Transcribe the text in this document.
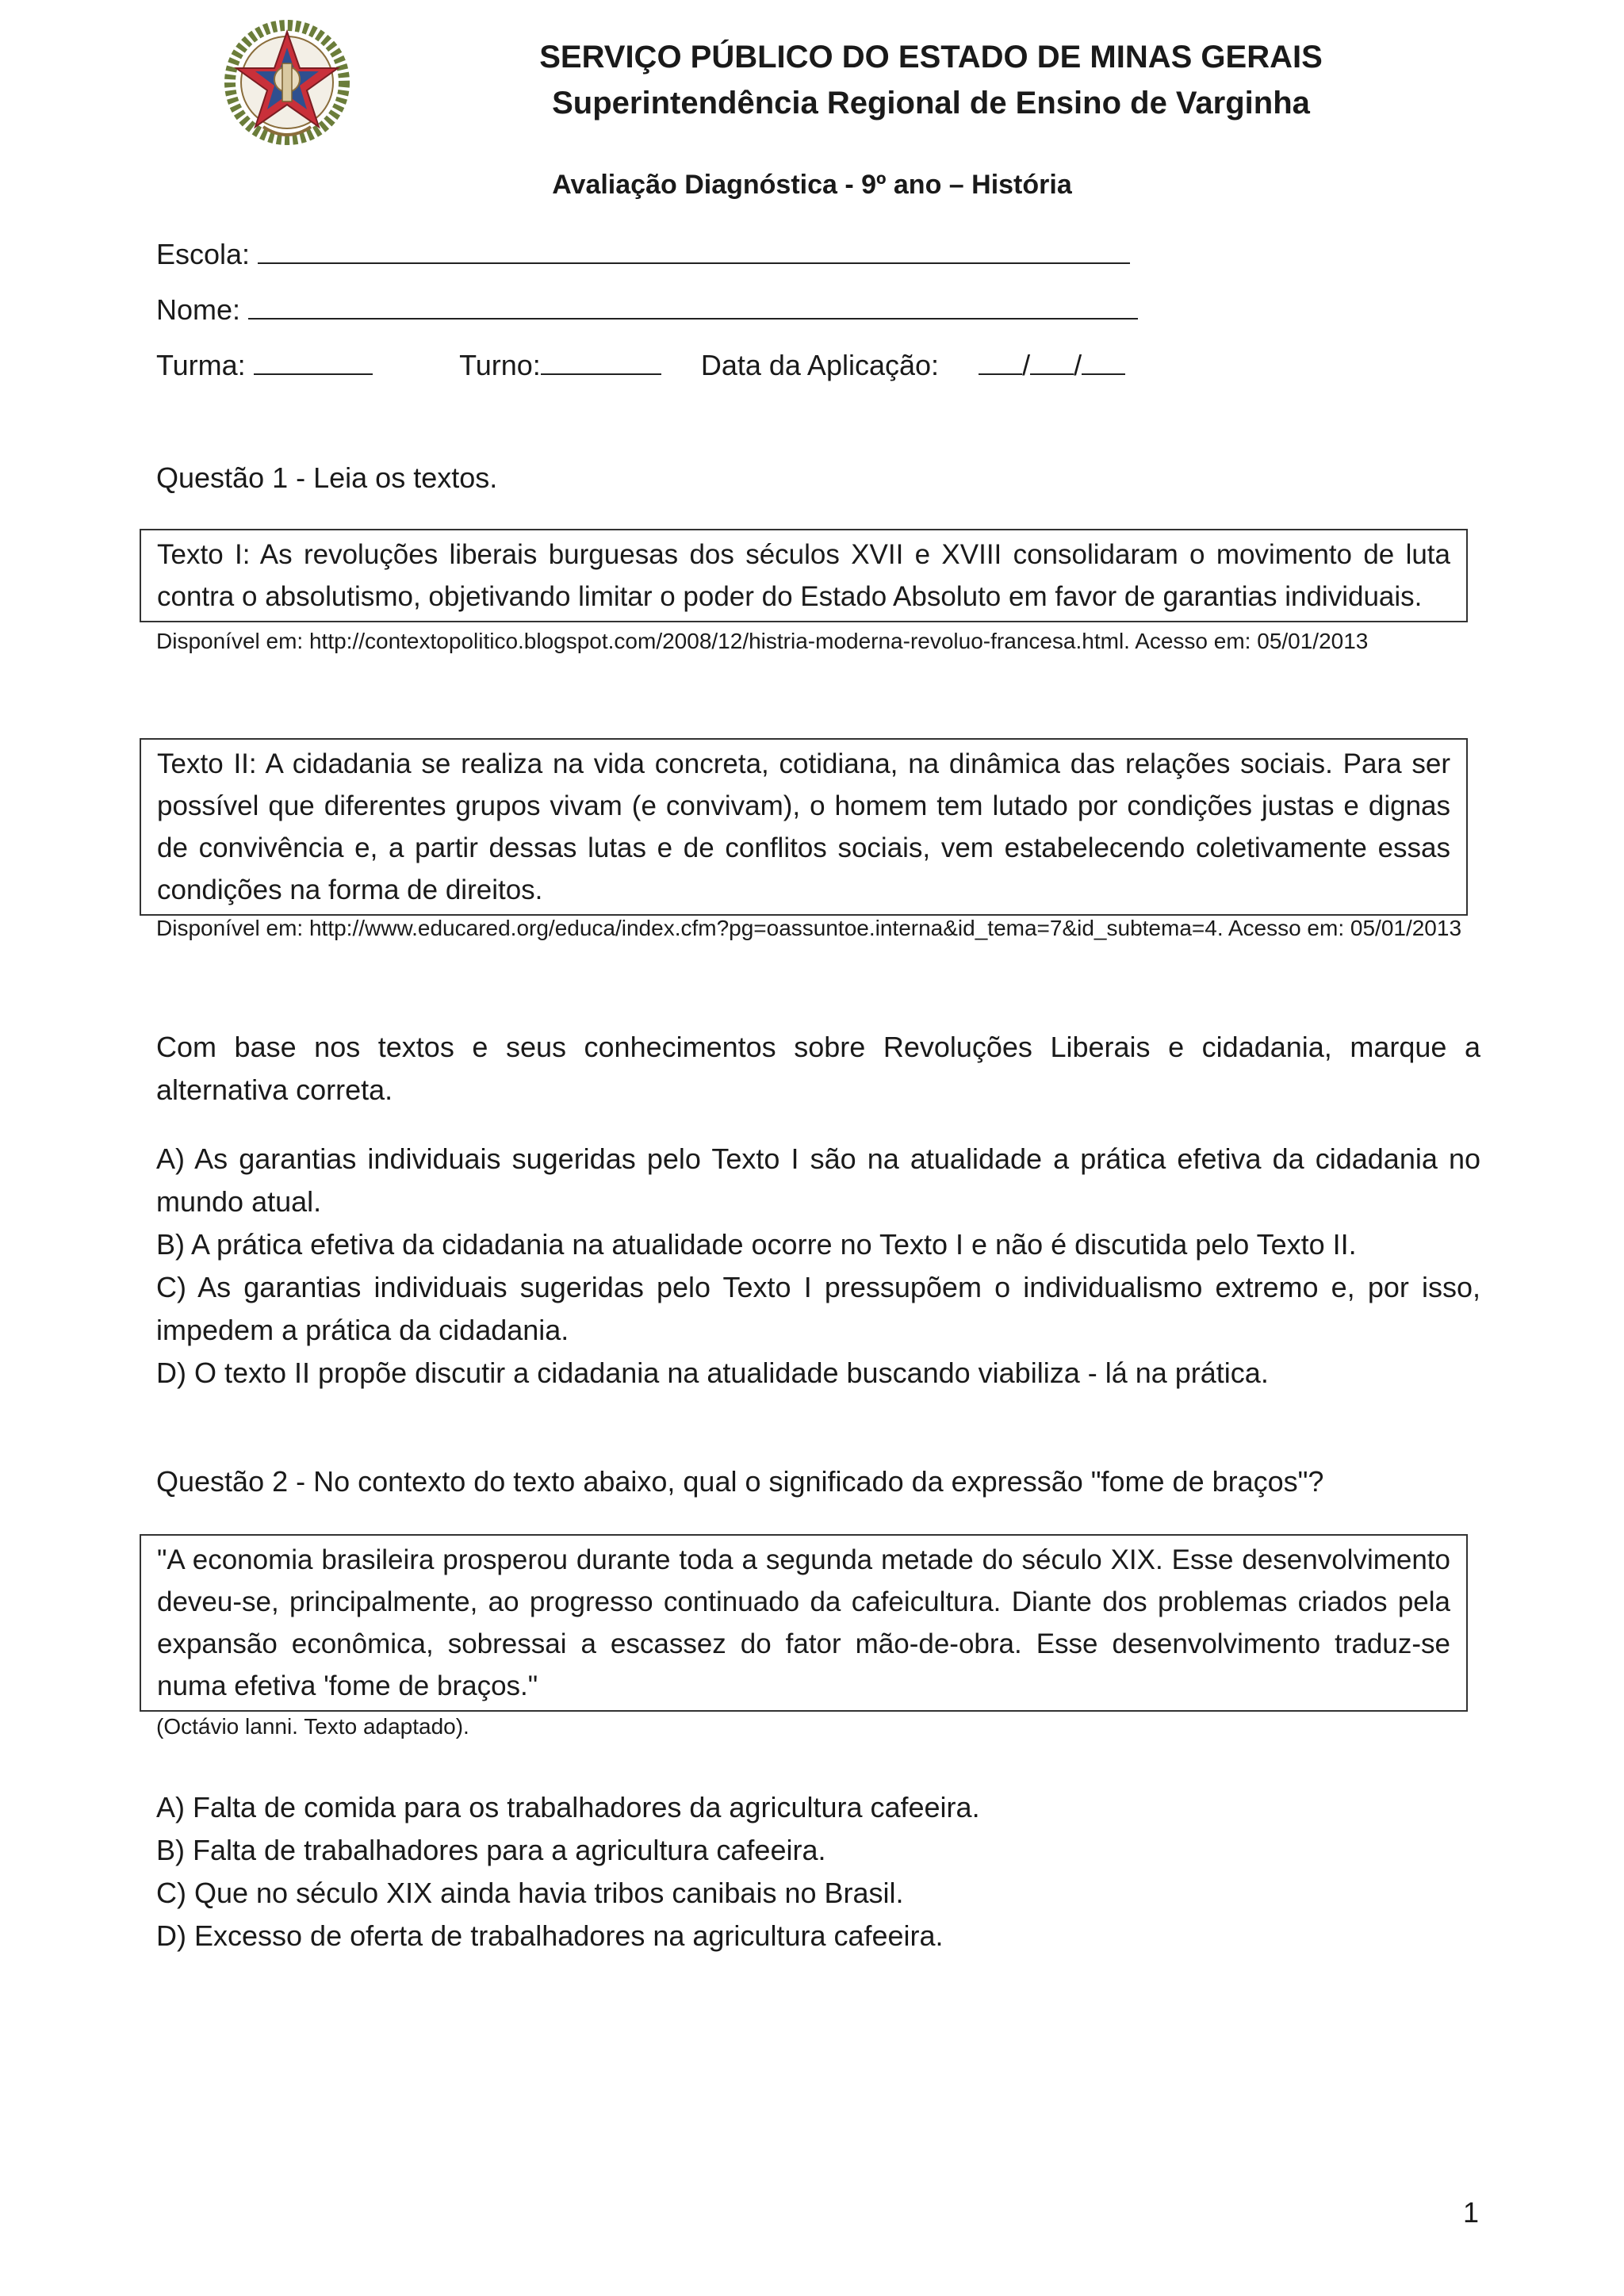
SERVIÇO PÚBLICO DO ESTADO DE MINAS GERAIS
Superintendência Regional de Ensino de Varginha
Avaliação Diagnóstica - 9º ano – História
Escola:
Nome:
Turma:	Turno:	Data da Aplicação:	/ /
Questão 1 - Leia os textos.
Texto I: As revoluções liberais burguesas dos séculos XVII e XVIII consolidaram o movimento de luta contra o absolutismo, objetivando limitar o poder do Estado Absoluto em favor de garantias individuais.
Disponível em: http://contextopolitico.blogspot.com/2008/12/histria-moderna-revoluo-francesa.html. Acesso em: 05/01/2013
Texto II: A cidadania se realiza na vida concreta, cotidiana, na dinâmica das relações sociais. Para ser possível que diferentes grupos vivam (e convivam), o homem tem lutado por condições justas e dignas de convivência e, a partir dessas lutas e de conflitos sociais, vem estabelecendo coletivamente essas condições na forma de direitos.
Disponível em: http://www.educared.org/educa/index.cfm?pg=oassuntoe.interna&id_tema=7&id_subtema=4. Acesso em: 05/01/2013
Com base nos textos e seus conhecimentos sobre Revoluções Liberais e cidadania, marque a alternativa correta.

A) As garantias individuais sugeridas pelo Texto I são na atualidade a prática efetiva da cidadania no mundo atual.

B) A prática efetiva da cidadania na atualidade ocorre no Texto I e não é discutida pelo Texto II.

C) As garantias individuais sugeridas pelo Texto I pressupõem o individualismo extremo e, por isso, impedem a prática da cidadania.

D) O texto II propõe discutir a cidadania na atualidade buscando viabiliza - lá na prática.

Questão 2 - No contexto do texto abaixo, qual o significado da expressão "fome de braços"?
"A economia brasileira prosperou durante toda a segunda metade do século XIX. Esse desenvolvimento deveu-se, principalmente, ao progresso continuado da cafeicultura. Diante dos problemas criados pela expansão econômica, sobressai a escassez do fator mão-de-obra. Esse desenvolvimento traduz-se numa efetiva 'fome de braços."
(Octávio lanni. Texto adaptado).

A) Falta de comida para os trabalhadores da agricultura cafeeira.

B) Falta de trabalhadores para a agricultura cafeeira.

C) Que no século XIX ainda havia tribos canibais no Brasil.

D) Excesso de oferta de trabalhadores na agricultura cafeeira.

1
